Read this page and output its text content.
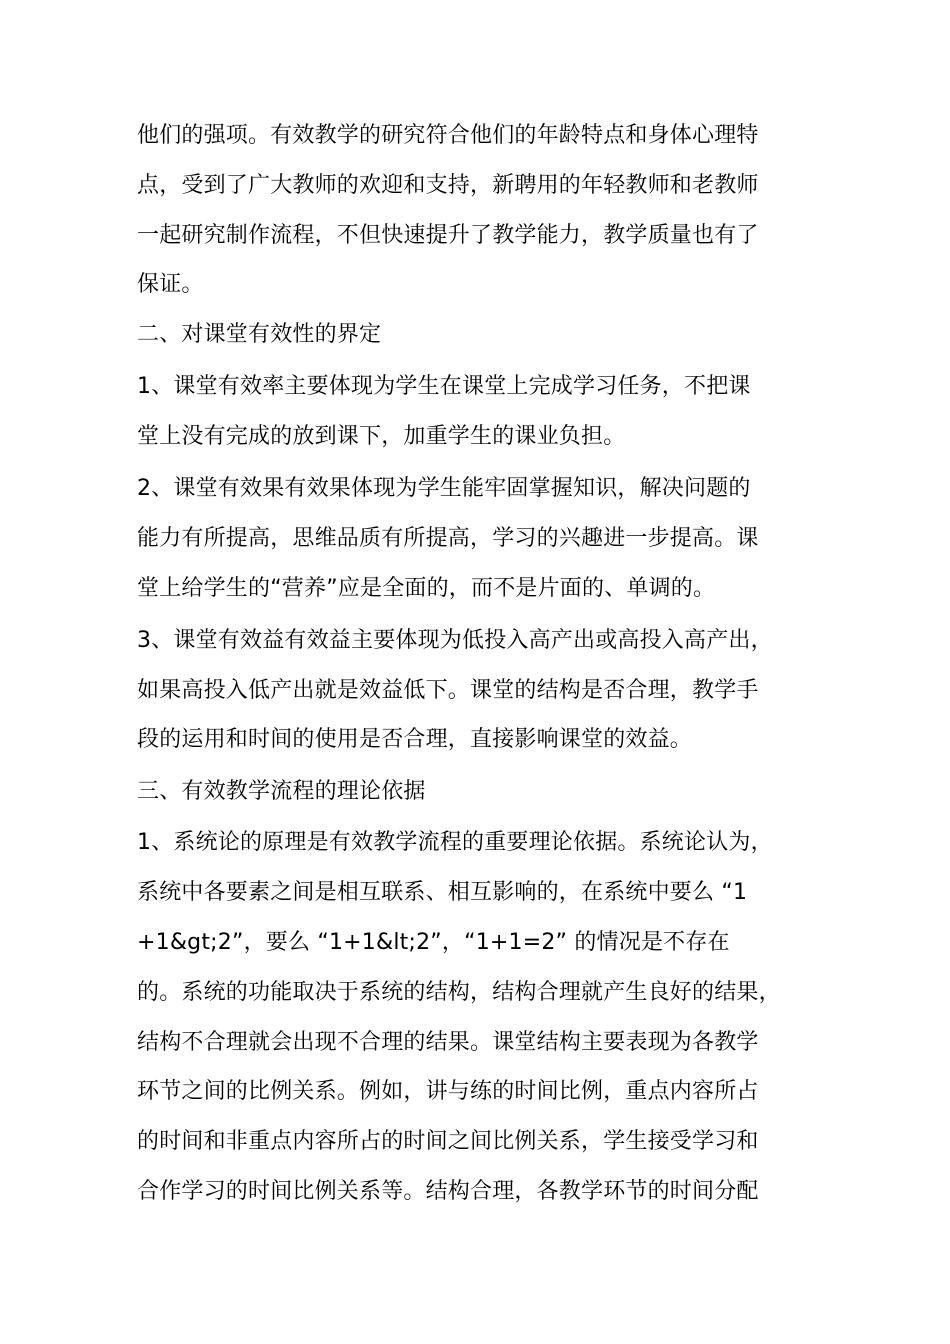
他们的强项。有效教学的研究符合他们的年龄特点和身体心理特

点，受到了广大教师的欢迎和支持，新聘用的年轻教师和老教师

一起研究制作流程，不但快速提升了教学能力，教学质量也有了

保证。

二、对课堂有效性的界定

1、课堂有效率主要体现为学生在课堂上完成学习任务，不把课

堂上没有完成的放到课下，加重学生的课业负担。

2、课堂有效果有效果体现为学生能牢固掌握知识，解决问题的

能力有所提高，思维品质有所提高，学习的兴趣进一步提高。课

堂上给学生的“营养”应是全面的，而不是片面的、单调的。

3、课堂有效益有效益主要体现为低投入高产出或高投入高产出，

如果高投入低产出就是效益低下。课堂的结构是否合理，教学手

段的运用和时间的使用是否合理，直接影响课堂的效益。

三、有效教学流程的理论依据

1、系统论的原理是有效教学流程的重要理论依据。系统论认为，

系统中各要素之间是相互联系、相互影响的，在系统中要么 “1

+1&gt;2”，要么 “1+1&lt;2”，“1+1=2” 的情况是不存在

的。系统的功能取决于系统的结构，结构合理就产生良好的结果，

结构不合理就会出现不合理的结果。课堂结构主要表现为各教学

环节之间的比例关系。例如，讲与练的时间比例，重点内容所占

的时间和非重点内容所占的时间之间比例关系，学生接受学习和

合作学习的时间比例关系等。结构合理，各教学环节的时间分配
